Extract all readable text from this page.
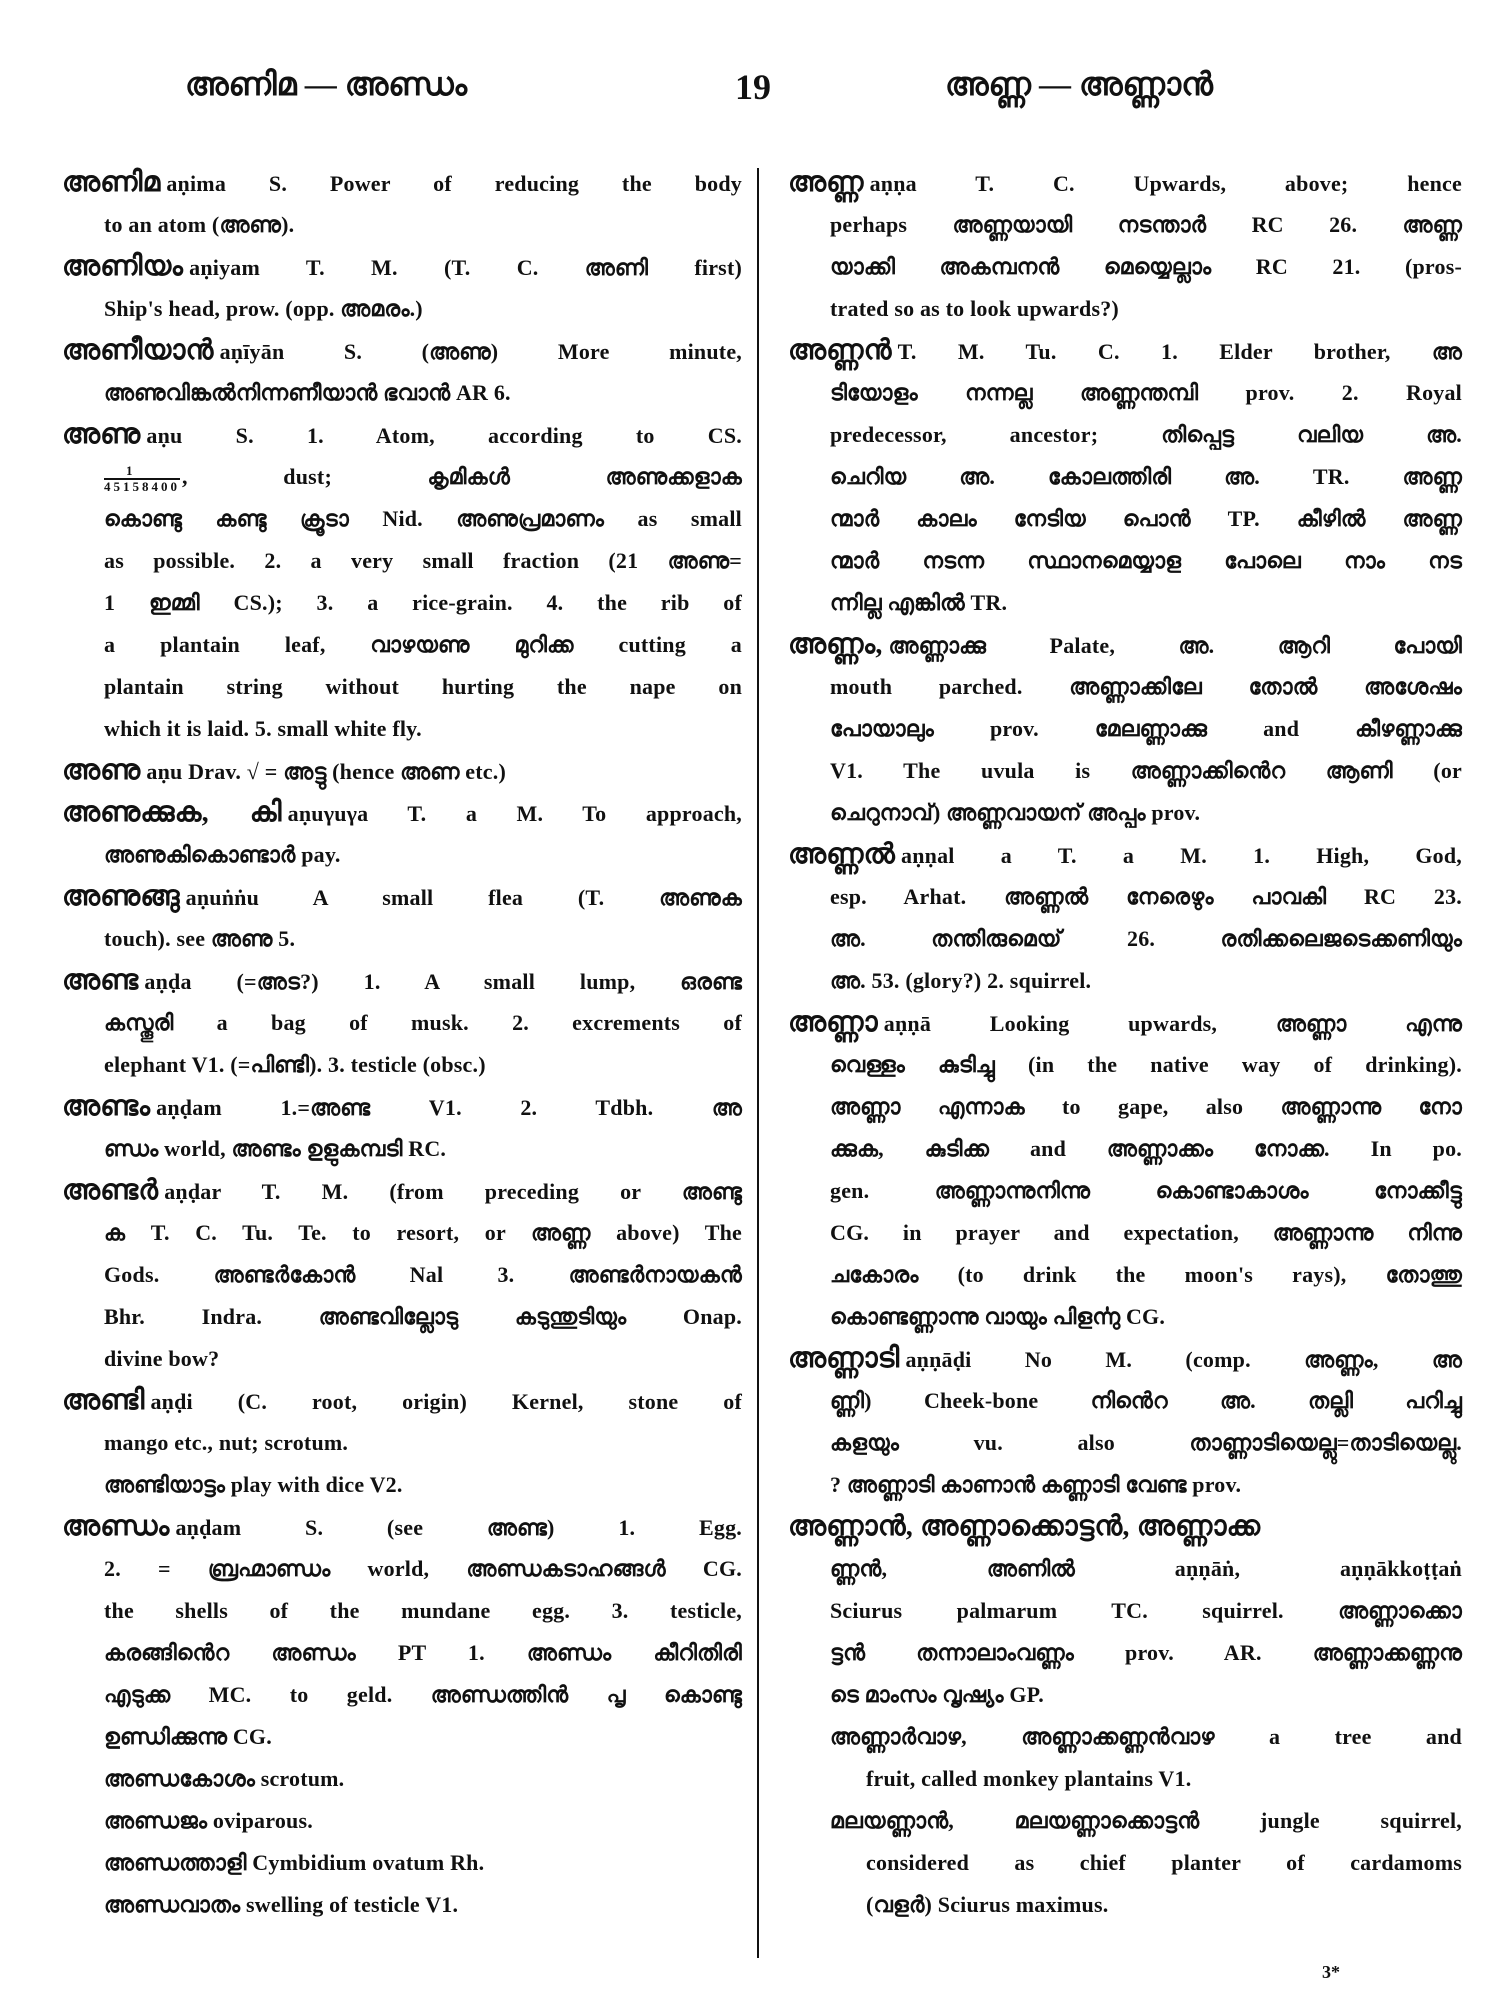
അണിമ — അണ്ഡം	19	അണ്ണ — അണ്ണാൻ
അണിമ aṇima S. Power of reducing the body
to an atom (അണു).
അണിയം aṇiyam T. M. (T. C. അണി first)
Ship's head, prow. (opp. അമരം.)
അണീയാൻ aṇīyān S. (അണു) More minute,
അണുവിങ്കൽനിന്നണീയാൻ ഭവാൻ AR 6.
അണു aṇu S. 1. Atom, according to CS.
$\frac{1}{45158400}$ , dust; കൃമികൾ അണുക്കളാക
കൊണ്ടു കണ്ടു ക്രൂടാ Nid. അണുപ്രമാണം as small
as possible. 2. a very small fraction (21 അണു=
1 ഇമ്മി CS.); 3. a rice-grain. 4. the rib of
a plantain leaf, വാഴയണു മുറിക്ക cutting a
plantain string without hurting the nape on
which it is laid. 5. small white fly.
അണു aṇu Drav. √ = അട്ടു (hence അണ etc.)
അണുക്കുക, കി aṇuγuγa T. a M. To approach,
അണുകികൊണ്ടാർ pay.
അണുങ്ങു aṇuṅṅu A small flea (T. അണുക
touch). see അണു 5.
അണ്ട aṇḍa (=അട?) 1. A small lump, ഒരണ്ട
കസ്തൂരി a bag of musk. 2. excrements of
elephant V1. (=പിണ്ടി). 3. testicle (obsc.)
അണ്ടം aṇḍam 1.=അണ്ട V1. 2. Tdbh. അ
ണ്ഡം world, അണ്ടം ഉളുകമ്പടി RC.
അണ്ടർ aṇḍar T. M. (from preceding or അണ്ടു
ക T. C. Tu. Te. to resort, or അണ്ണ above) The
Gods. അണ്ടർകോൻ Nal 3. അണ്ടർനായകൻ
Bhr. Indra. അണ്ടവില്ലോടു കടുന്തുടിയും Onap.
divine bow?
അണ്ടി aṇḍi (C. root, origin) Kernel, stone of
mango etc., nut; scrotum.
അണ്ടിയാട്ടം play with dice V2.
അണ്ഡം aṇḍam S. (see അണ്ട) 1. Egg.
2. = ബ്രഹ്മാണ്ഡം world, അണ്ഡകടാഹങ്ങൾ CG.
the shells of the mundane egg. 3. testicle,
കരങ്ങിൻെറ അണ്ഡം PT 1. അണ്ഡം കീറിതിരി
എടുക്ക MC. to geld. അണ്ഡത്തിൻ പൃ കൊണ്ടു
ഉണ്ഡിക്കുന്നു CG.
അണ്ഡകോശം scrotum.
അണ്ഡജം oviparous.
അണ്ഡത്താളി Cymbidium ovatum Rh.
അണ്ഡവാതം swelling of testicle V1.
അണ്ണ aṇṇa T. C. Upwards, above; hence
perhaps അണ്ണയായി നടന്താർ RC 26. അണ്ണ
യാക്കി അകമ്പനൻ മെയ്യെല്ലാം RC 21. (pros-
trated so as to look upwards?)
അണ്ണൻ T. M. Tu. C. 1. Elder brother, അ
ടിയോളം നന്നല്ല അണ്ണന്തമ്പി prov. 2. Royal
predecessor, ancestor; തിപ്പെട്ട വലിയ അ.
ചെറിയ അ. കോലത്തിരി അ. TR. അണ്ണ
ന്മാർ കാലം നേടിയ പൊൻ TP. കീഴിൽ അണ്ണ
ന്മാർ നടന്ന സ്ഥാനമെയ്യാള പോലെ നാം നട
ന്നില്ല എങ്കിൽ TR.
അണ്ണം, അണ്ണാക്കു Palate, അ. ആറി പോയി
mouth parched. അണ്ണാക്കിലേ തോൽ അശേഷം
പോയാലും prov. മേലണ്ണാക്കു and കീഴണ്ണാക്കു
V1. The uvula is അണ്ണാക്കിൻെറ ആണി (or
ചെറുനാവ്) അണ്ണവായന് അപ്പം prov.
അണ്ണൽ aṇṇal a T. a M. 1. High, God,
esp. Arhat. അണ്ണൽ നേരെഴും പാവകി RC 23.
അ. തന്തിരുമെയ് 26. രതിക്കലെജടെക്കണിയും
അ. 53. (glory?) 2. squirrel.
അണ്ണാ aṇṇā Looking upwards, അണ്ണാ എന്നു
വെള്ളം കുടിച്ചു (in the native way of drinking).
അണ്ണാ എന്നാക to gape, also അണ്ണാന്നു നോ
ക്കുക, കുടിക്ക and അണ്ണാക്കം നോക്ക. In po.
gen. അണ്ണാന്നുനിന്നു കൊണ്ടാകാശം നോക്കീട്ടു
CG. in prayer and expectation, അണ്ണാന്നു നിന്നു
ചകോരം (to drink the moon's rays), തോത്തു
കൊണ്ടണ്ണാന്നു വായും പിളൎന്നു CG.
അണ്ണാടി aṇṇāḍi No M. (comp. അണ്ണം, അ
ണ്ണി) Cheek-bone നിൻെറ അ. തല്ലി പറിച്ചു
കളയും vu. also താണ്ണാടിയെല്ലു=താടിയെല്ലു.
? അണ്ണാടി കാണാൻ കണ്ണാടി വേണ്ട prov.
അണ്ണാൻ, അണ്ണാക്കൊട്ടൻ, അണ്ണാക്ക
ണ്ണൻ, അണിൽ aṇṇāṅ, aṇṇākkoṭṭaṅ
Sciurus palmarum TC. squirrel. അണ്ണാക്കൊ
ട്ടൻ തന്നാലാംവണ്ണം prov. AR. അണ്ണാക്കണ്ണനു
ടെ മാംസം വൃഷ്യം GP.
അണ്ണാർവാഴ, അണ്ണാക്കണ്ണൻവാഴ a tree and
fruit, called monkey plantains V1.
മലയണ്ണാൻ, മലയണ്ണാക്കൊട്ടൻ jungle squirrel,
considered as chief planter of cardamoms
(വളർ) Sciurus maximus.
3*
